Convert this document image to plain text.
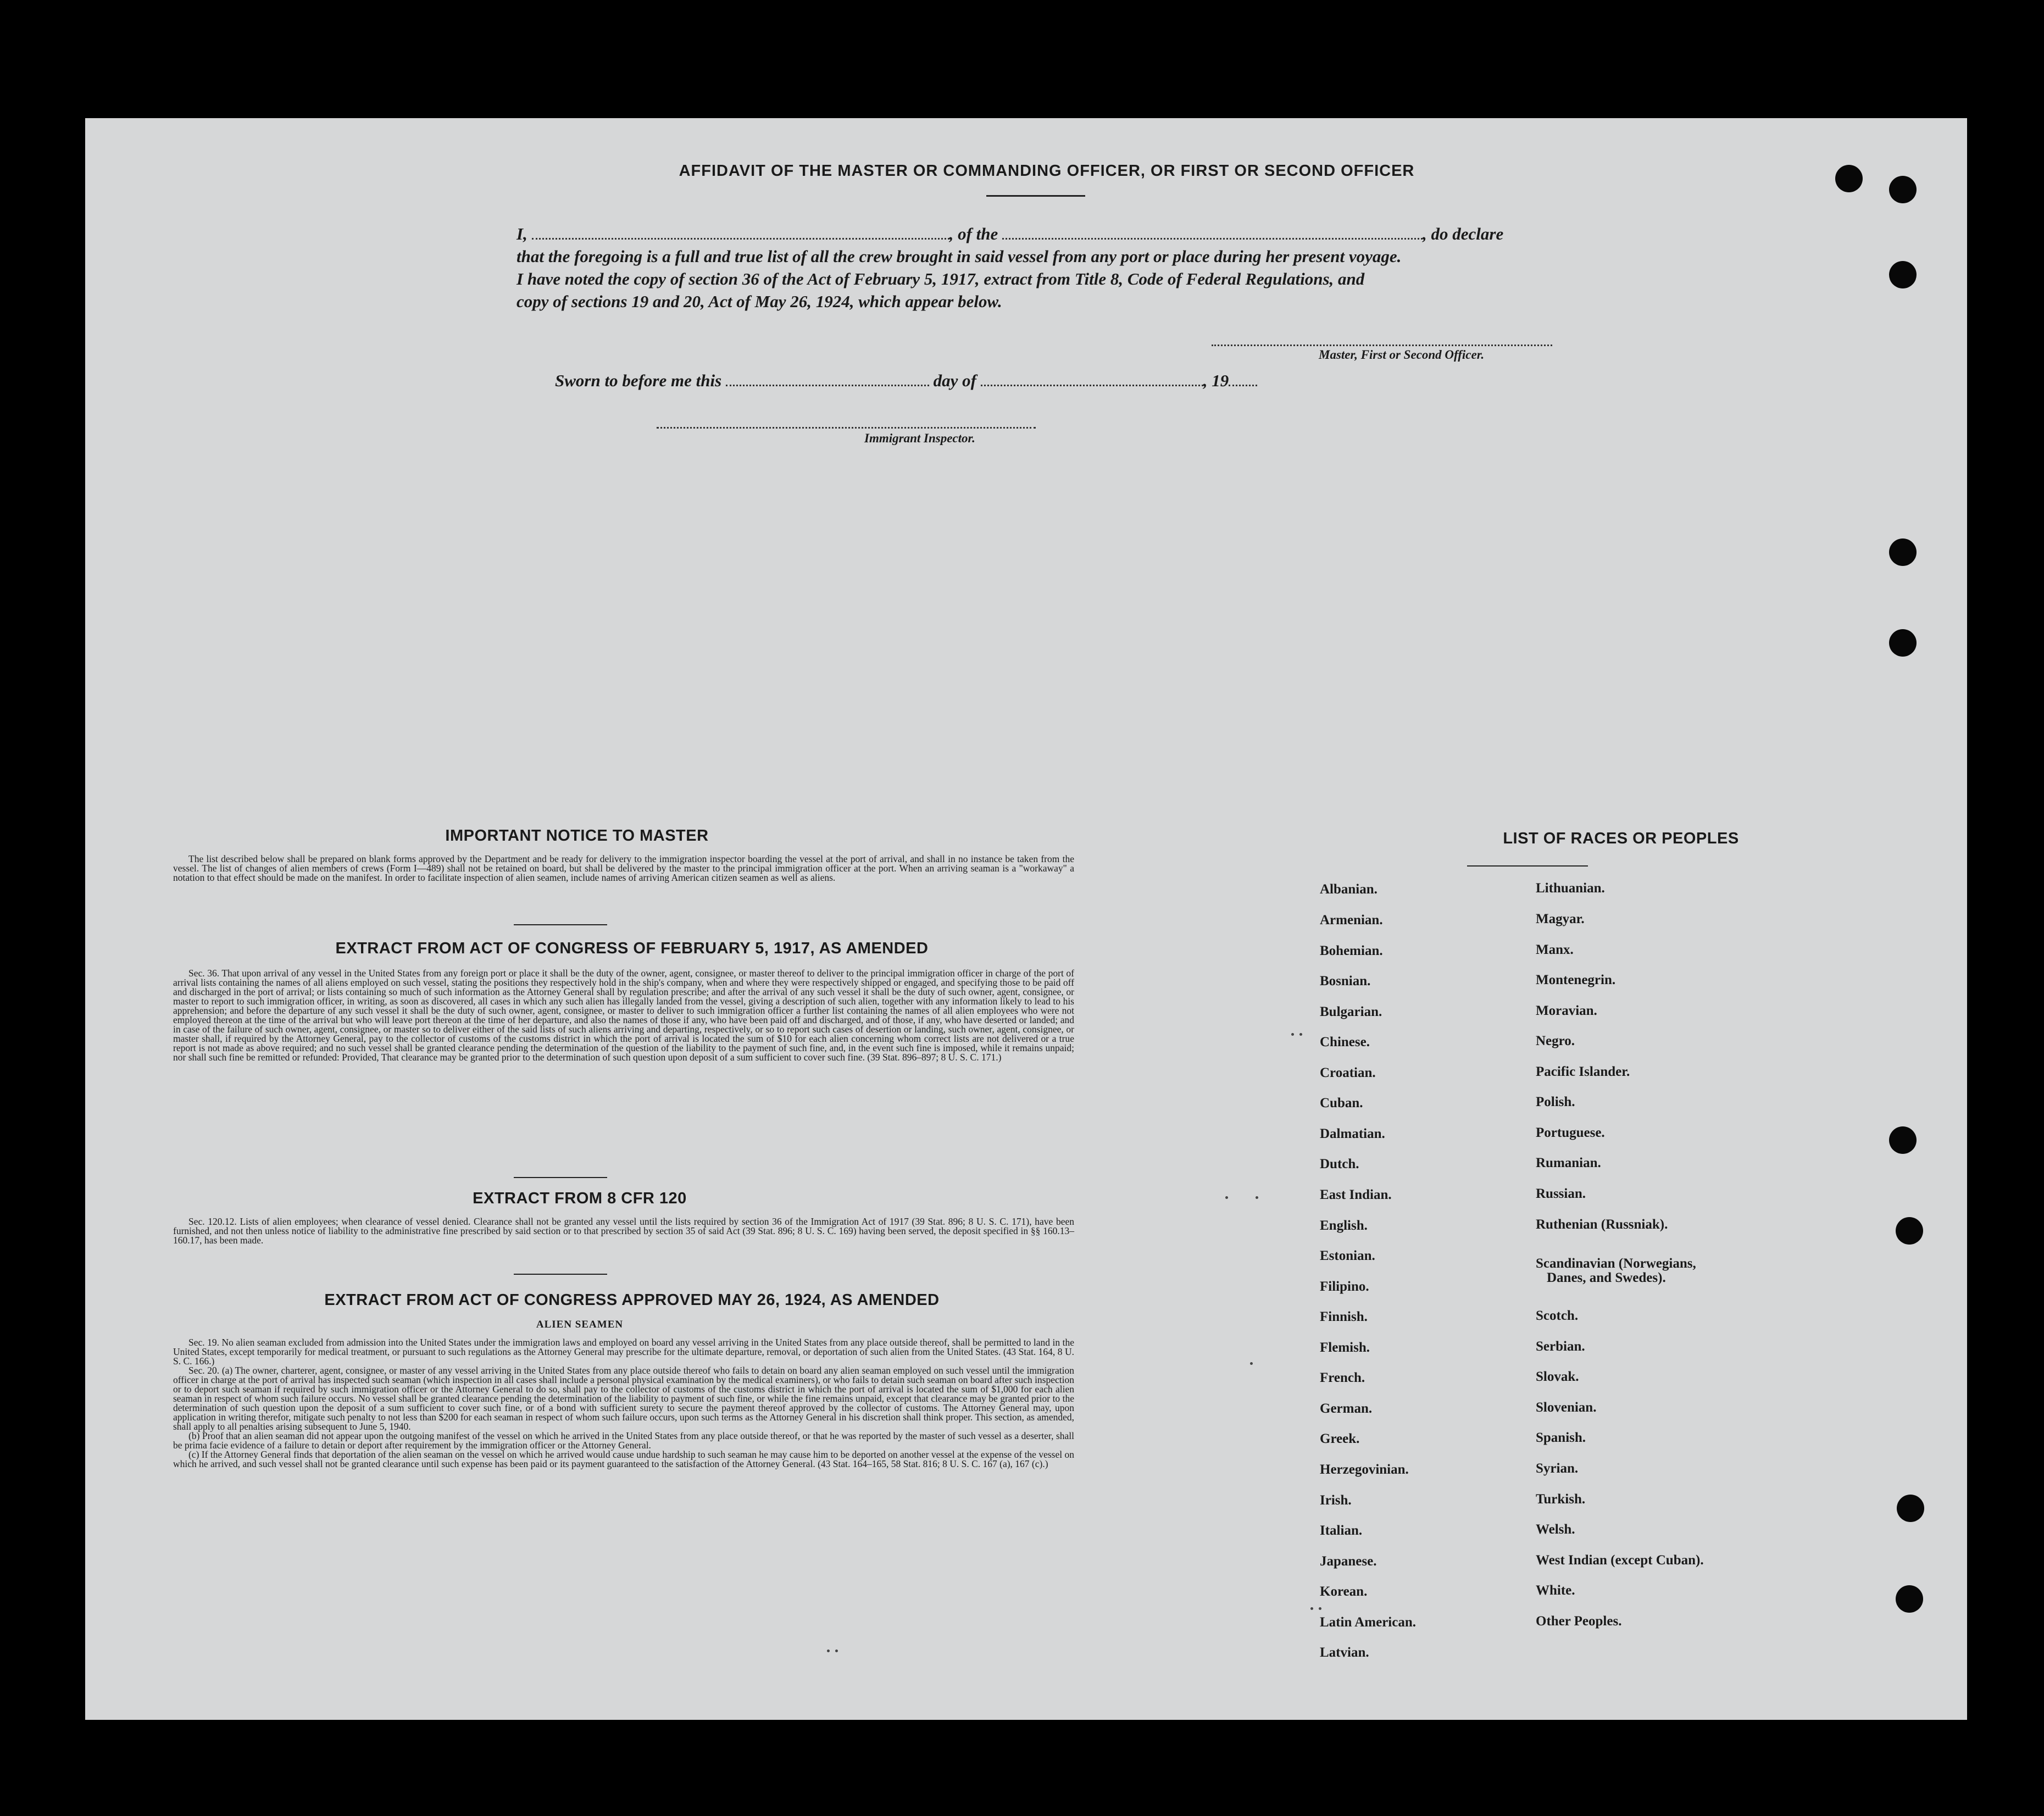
AFFIDAVIT OF THE MASTER OR COMMANDING OFFICER, OR FIRST OR SECOND OFFICER
I,	, of the	, do declare
that the foregoing is a full and true list of all the crew brought in said vessel from any port or place during her present voyage.
I have noted the copy of section 36 of the Act of February 5, 1917, extract from Title 8, Code of Federal Regulations, and
copy of sections 19 and 20, Act of May 26, 1924, which appear below.
Master, First or Second Officer.
Sworn to before me this	day of	, 19
Immigrant Inspector.
IMPORTANT NOTICE TO MASTER

The list described below shall be prepared on blank forms approved by the Department and be ready for delivery to the immigration inspector boarding the vessel at the port of arrival, and shall in no instance be taken from the vessel. The list of changes of alien members of crews (Form I—489) shall not be retained on board, but shall be delivered by the master to the principal immigration officer at the port. When an arriving seaman is a "workaway" a notation to that effect should be made on the manifest. In order to facilitate inspection of alien seamen, include names of arriving American citizen seamen as well as aliens.

EXTRACT FROM ACT OF CONGRESS OF FEBRUARY 5, 1917, AS AMENDED

Sec. 36. That upon arrival of any vessel in the United States from any foreign port or place it shall be the duty of the owner, agent, consignee, or master thereof to deliver to the principal immigration officer in charge of the port of arrival lists containing the names of all aliens employed on such vessel, stating the positions they respectively hold in the ship's company, when and where they were respectively shipped or engaged, and specifying those to be paid off and discharged in the port of arrival; or lists containing so much of such information as the Attorney General shall by regulation prescribe; and after the arrival of any such vessel it shall be the duty of such owner, agent, consignee, or master to report to such immigration officer, in writing, as soon as discovered, all cases in which any such alien has illegally landed from the vessel, giving a description of such alien, together with any information likely to lead to his apprehension; and before the departure of any such vessel it shall be the duty of such owner, agent, consignee, or master to deliver to such immigration officer a further list containing the names of all alien employees who were not employed thereon at the time of the arrival but who will leave port thereon at the time of her departure, and also the names of those if any, who have been paid off and discharged, and of those, if any, who have deserted or landed; and in case of the failure of such owner, agent, consignee, or master so to deliver either of the said lists of such aliens arriving and departing, respectively, or so to report such cases of desertion or landing, such owner, agent, consignee, or master shall, if required by the Attorney General, pay to the collector of customs of the customs district in which the port of arrival is located the sum of $10 for each alien concerning whom correct lists are not delivered or a true report is not made as above required; and no such vessel shall be granted clearance pending the determination of the question of the liability to the payment of such fine, and, in the event such fine is imposed, while it remains unpaid; nor shall such fine be remitted or refunded: Provided, That clearance may be granted prior to the determination of such question upon deposit of a sum sufficient to cover such fine. (39 Stat. 896–897; 8 U. S. C. 171.)

EXTRACT FROM 8 CFR 120

Sec. 120.12. Lists of alien employees; when clearance of vessel denied. Clearance shall not be granted any vessel until the lists required by section 36 of the Immigration Act of 1917 (39 Stat. 896; 8 U. S. C. 171), have been furnished, and not then unless notice of liability to the administrative fine prescribed by said section or to that prescribed by section 35 of said Act (39 Stat. 896; 8 U. S. C. 169) having been served, the deposit specified in §§ 160.13–160.17, has been made.

EXTRACT FROM ACT OF CONGRESS APPROVED MAY 26, 1924, AS AMENDED
ALIEN SEAMEN

Sec. 19. No alien seaman excluded from admission into the United States under the immigration laws and employed on board any vessel arriving in the United States from any place outside thereof, shall be permitted to land in the United States, except temporarily for medical treatment, or pursuant to such regulations as the Attorney General may prescribe for the ultimate departure, removal, or deportation of such alien from the United States. (43 Stat. 164, 8 U. S. C. 166.)

Sec. 20. (a) The owner, charterer, agent, consignee, or master of any vessel arriving in the United States from any place outside thereof who fails to detain on board any alien seaman employed on such vessel until the immigration officer in charge at the port of arrival has inspected such seaman (which inspection in all cases shall include a personal physical examination by the medical examiners), or who fails to detain such seaman on board after such inspection or to deport such seaman if required by such immigration officer or the Attorney General to do so, shall pay to the collector of customs of the customs district in which the port of arrival is located the sum of $1,000 for each alien seaman in respect of whom such failure occurs. No vessel shall be granted clearance pending the determination of the liability to payment of such fine, or while the fine remains unpaid, except that clearance may be granted prior to the determination of such question upon the deposit of a sum sufficient to cover such fine, or of a bond with sufficient surety to secure the payment thereof approved by the collector of customs. The Attorney General may, upon application in writing therefor, mitigate such penalty to not less than $200 for each seaman in respect of whom such failure occurs, upon such terms as the Attorney General in his discretion shall think proper. This section, as amended, shall apply to all penalties arising subsequent to June 5, 1940.

(b) Proof that an alien seaman did not appear upon the outgoing manifest of the vessel on which he arrived in the United States from any place outside thereof, or that he was reported by the master of such vessel as a deserter, shall be prima facie evidence of a failure to detain or deport after requirement by the immigration officer or the Attorney General.

(c) If the Attorney General finds that deportation of the alien seaman on the vessel on which he arrived would cause undue hardship to such seaman he may cause him to be deported on another vessel at the expense of the vessel on which he arrived, and such vessel shall not be granted clearance until such expense has been paid or its payment guaranteed to the satisfaction of the Attorney General. (43 Stat. 164–165, 58 Stat. 816; 8 U. S. C. 167 (a), 167 (c).)

LIST OF RACES OR PEOPLES
Albanian.
Armenian.
Bohemian.
Bosnian.
Bulgarian.
Chinese.
Croatian.
Cuban.
Dalmatian.
Dutch.
East Indian.
English.
Estonian.
Filipino.
Finnish.
Flemish.
French.
German.
Greek.
Herzegovinian.
Irish.
Italian.
Japanese.
Korean.
Latin American.
Latvian.
Lithuanian.
Magyar.
Manx.
Montenegrin.
Moravian.
Negro.
Pacific Islander.
Polish.
Portuguese.
Rumanian.
Russian.
Ruthenian (Russniak).
Scandinavian (Norwegians,
Danes, and Swedes).
Scotch.
Serbian.
Slovak.
Slovenian.
Spanish.
Syrian.
Turkish.
Welsh.
West Indian (except Cuban).
White.
Other Peoples.
